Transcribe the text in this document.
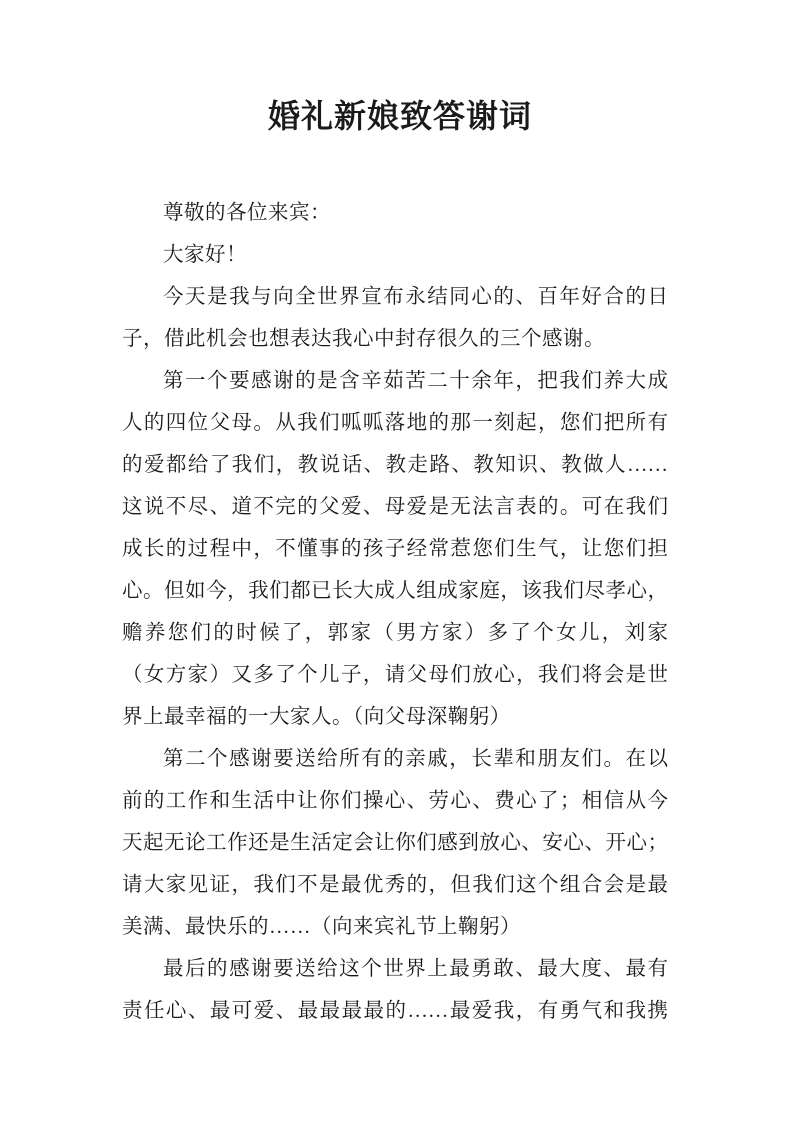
婚礼新娘致答谢词
尊敬的各位来宾：
大家好！
今天是我与向全世界宣布永结同心的、百年好合的日
子，借此机会也想表达我心中封存很久的三个感谢。
第一个要感谢的是含辛茹苦二十余年，把我们养大成
人的四位父母。从我们呱呱落地的那一刻起，您们把所有
的爱都给了我们，教说话、教走路、教知识、教做人……
这说不尽、道不完的父爱、母爱是无法言表的。可在我们
成长的过程中，不懂事的孩子经常惹您们生气，让您们担
心。但如今，我们都已长大成人组成家庭，该我们尽孝心，
赡养您们的时候了，郭家（男方家）多了个女儿，刘家
（女方家）又多了个儿子，请父母们放心，我们将会是世
界上最幸福的一大家人。（向父母深鞠躬）
第二个感谢要送给所有的亲戚，长辈和朋友们。在以
前的工作和生活中让你们操心、劳心、费心了；相信从今
天起无论工作还是生活定会让你们感到放心、安心、开心；
请大家见证，我们不是最优秀的，但我们这个组合会是最
美满、最快乐的……（向来宾礼节上鞠躬）
最后的感谢要送给这个世界上最勇敢、最大度、最有
责任心、最可爱、最最最最的……最爱我，有勇气和我携
